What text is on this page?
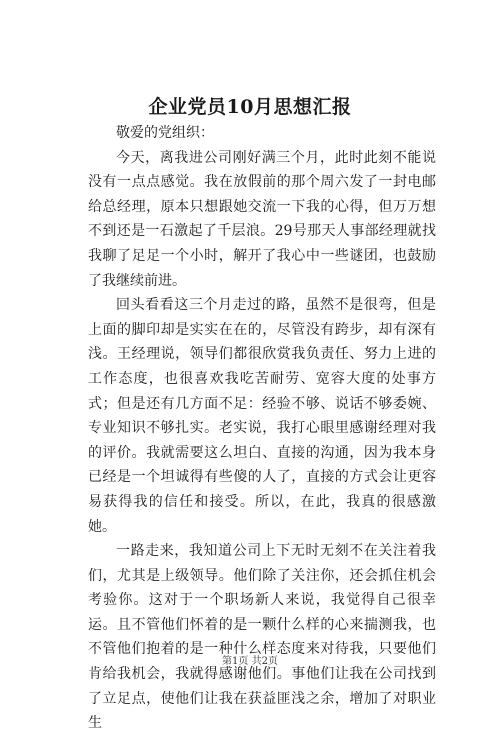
企业党员10月思想汇报

敬爱的党组织：

今天，离我进公司刚好满三个月，此时此刻不能说没有一点点感觉。我在放假前的那个周六发了一封电邮给总经理，原本只想跟她交流一下我的心得，但万万想不到还是一石激起了千层浪。29号那天人事部经理就找我聊了足足一个小时，解开了我心中一些谜团，也鼓励了我继续前进。

回头看看这三个月走过的路，虽然不是很弯，但是上面的脚印却是实实在在的，尽管没有跨步，却有深有浅。王经理说，领导们都很欣赏我负责任、努力上进的工作态度，也很喜欢我吃苦耐劳、宽容大度的处事方式；但是还有几方面不足：经验不够、说话不够委婉、专业知识不够扎实。老实说，我打心眼里感谢经理对我的评价。我就需要这么坦白、直接的沟通，因为我本身已经是一个坦诚得有些傻的人了，直接的方式会让更容易获得我的信任和接受。所以，在此，我真的很感激她。

一路走来，我知道公司上下无时无刻不在关注着我们，尤其是上级领导。他们除了关注你，还会抓住机会考验你。这对于一个职场新人来说，我觉得自己很幸运。且不管他们怀着的是一颗什么样的心来揣测我，也不管他们抱着的是一种什么样态度来对待我，只要他们肯给我机会，我就得感谢他们。事他们让我在公司找到了立足点，使他们让我在获益匪浅之余，增加了对职业生

第1页 共2页
